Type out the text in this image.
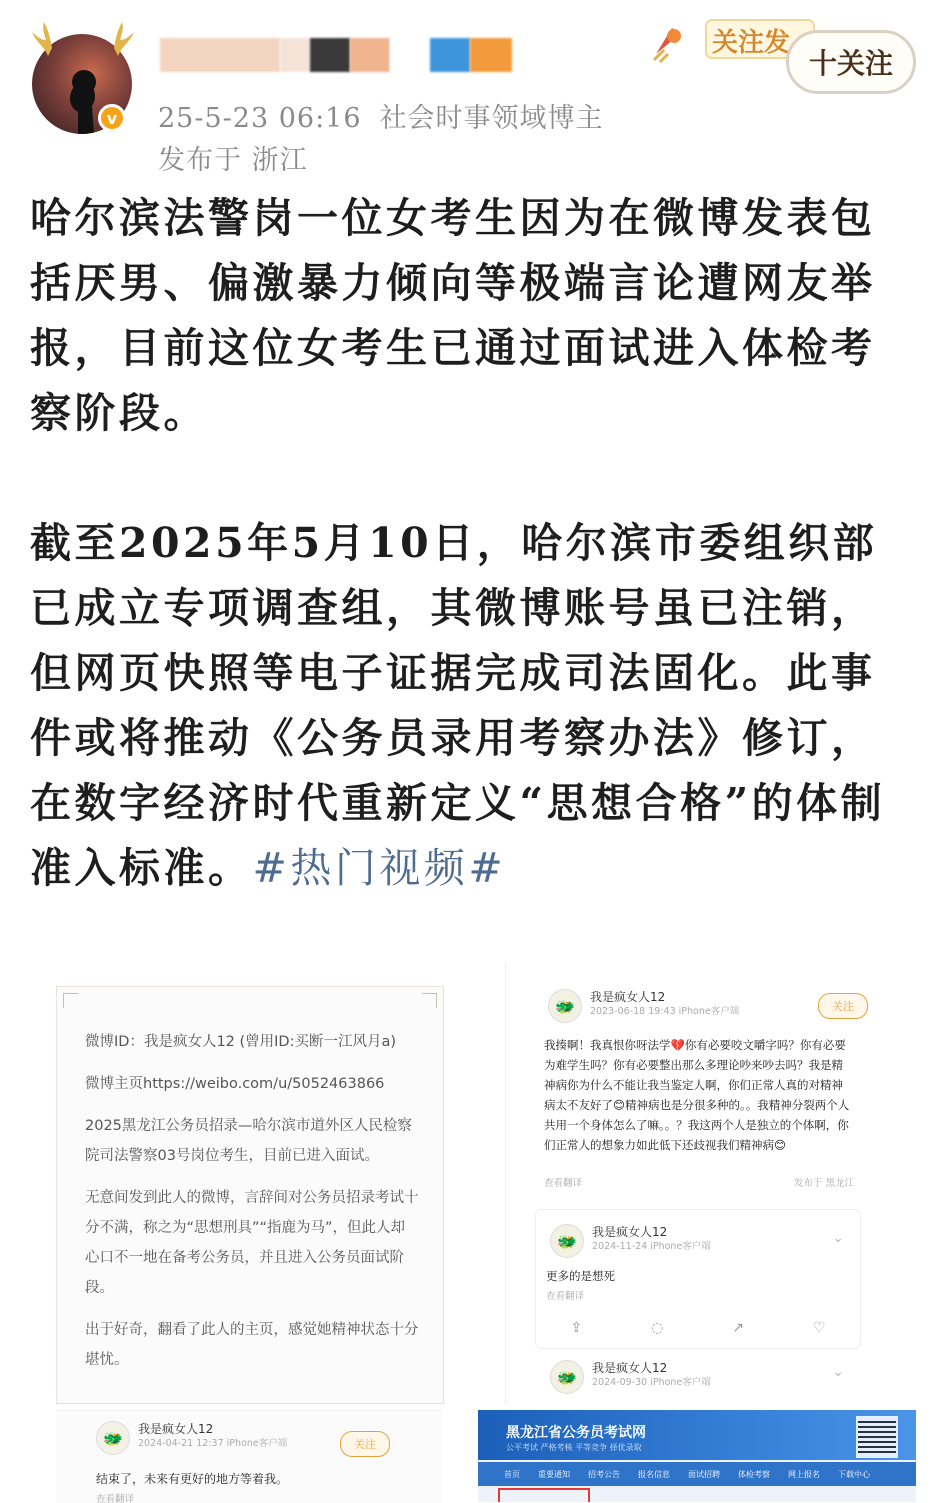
v	25-5-23 06:16 社会时事领域博主
发布于 浙江
关注发
十关注

哈尔滨法警岗一位女考生因为在微博发表包括厌男、偏激暴力倾向等极端言论遭网友举报，目前这位女考生已通过面试进入体检考察阶段。

截至2025年5月10日，哈尔滨市委组织部已成立专项调查组，其微博账号虽已注销，但网页快照等电子证据完成司法固化。此事件或将推动《公务员录用考察办法》修订，在数字经济时代重新定义“思想合格”的体制准入标准。#热门视频#

微博ID：我是疯女人12 (曾用ID:买断一江风月a)

微博主页https://weibo.com/u/5052463866

2025黑龙江公务员招录—哈尔滨市道外区人民检察院司法警察03号岗位考生，目前已进入面试。

无意间发到此人的微博，言辞间对公务员招录考试十分不满，称之为“思想刑具”“指鹿为马”，但此人却心口不一地在备考公务员，并且进入公务员面试阶段。

出于好奇，翻看了此人的主页，感觉她精神状态十分堪忧。

🐲	我是疯女人12
2023-06-18 19:43 iPhone客户端	关注
我揍啊！我真恨你呀法学💔你有必要咬文嚼字吗？你有必要为难学生吗？你有必要整出那么多理论吵来吵去吗？我是精神病你为什么不能让我当鉴定人啊，你们正常人真的对精神病太不友好了😊精神病也是分很多种的。。我精神分裂两个人共用一个身体怎么了嘛。。？我这两个人是独立的个体啊，你们正常人的想象力如此低下还歧视我们精神病😊
查看翻译	发布于 黑龙江
🐲	我是疯女人12
2024-11-24 iPhone客户端
⌄
更多的是想死
查看翻译
⇪	◌	↗	♡
🐲	我是疯女人12
2024-09-30 iPhone客户端
⌄
🐲	我是疯女人12
2024-04-21 12:37 iPhone客户端	关注
结束了，未来有更好的地方等着我。
查看翻译
黑龙江省公务员考试网
公平考试 严格考核 平等竞争 择优录取
首页 重要通知 招考公告 报名信息 面试招聘 体检考察 网上报名 下载中心
